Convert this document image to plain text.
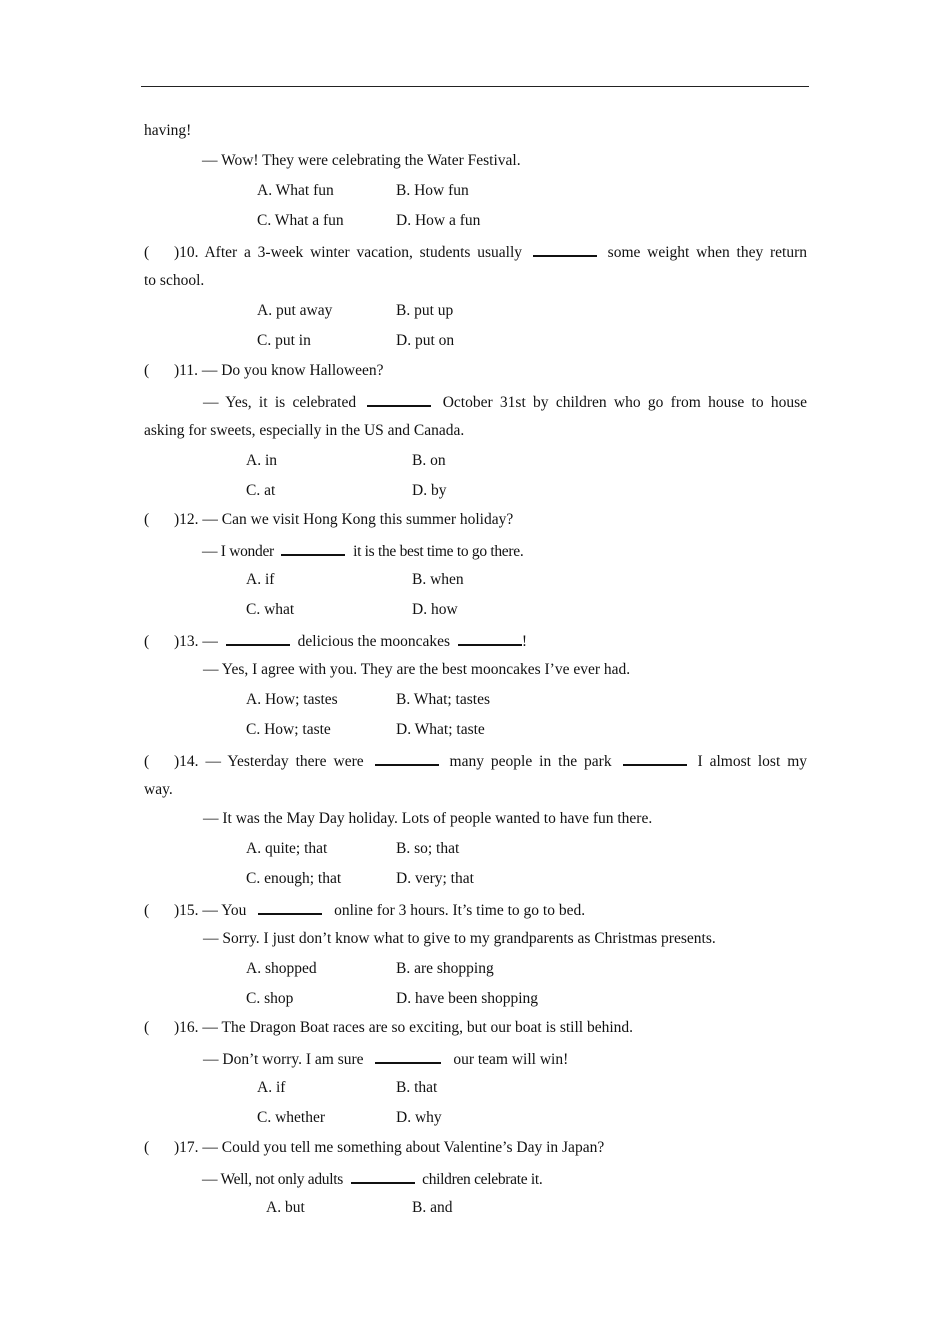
having!
— Wow! They were celebrating the Water Festival.
A. What fun	B. How fun
C. What a fun	D. How a fun
( )10. After a 3-week winter vacation, students usually	some weight when they return
to school.
A. put away	B. put up
C. put in	D. put on
( )11. — Do you know Halloween?
— Yes, it is celebrated	October 31st by children who go from house to house
asking for sweets, especially in the US and Canada.
A. in	B. on
C. at	D. by
( )12. — Can we visit Hong Kong this summer holiday?
— I wonder	it is the best time to go there.
A. if	B. when
C. what	D. how
( )13. —	delicious the mooncakes	!
— Yes, I agree with you. They are the best mooncakes I’ve ever had.
A. How; tastes	B. What; tastes
C. How; taste	D. What; taste
( )14. — Yesterday there were	many people in the park	I almost lost my
way.
— It was the May Day holiday. Lots of people wanted to have fun there.
A. quite; that	B. so; that
C. enough; that	D. very; that
( )15. — You	online for 3 hours. It’s time to go to bed.
— Sorry. I just don’t know what to give to my grandparents as Christmas presents.
A. shopped	B. are shopping
C. shop	D. have been shopping
( )16. — The Dragon Boat races are so exciting, but our boat is still behind.
— Don’t worry. I am sure	our team will win!
A. if	B. that
C. whether	D. why
( )17. — Could you tell me something about Valentine’s Day in Japan?
— Well, not only adults	children celebrate it.
A. but	B. and
